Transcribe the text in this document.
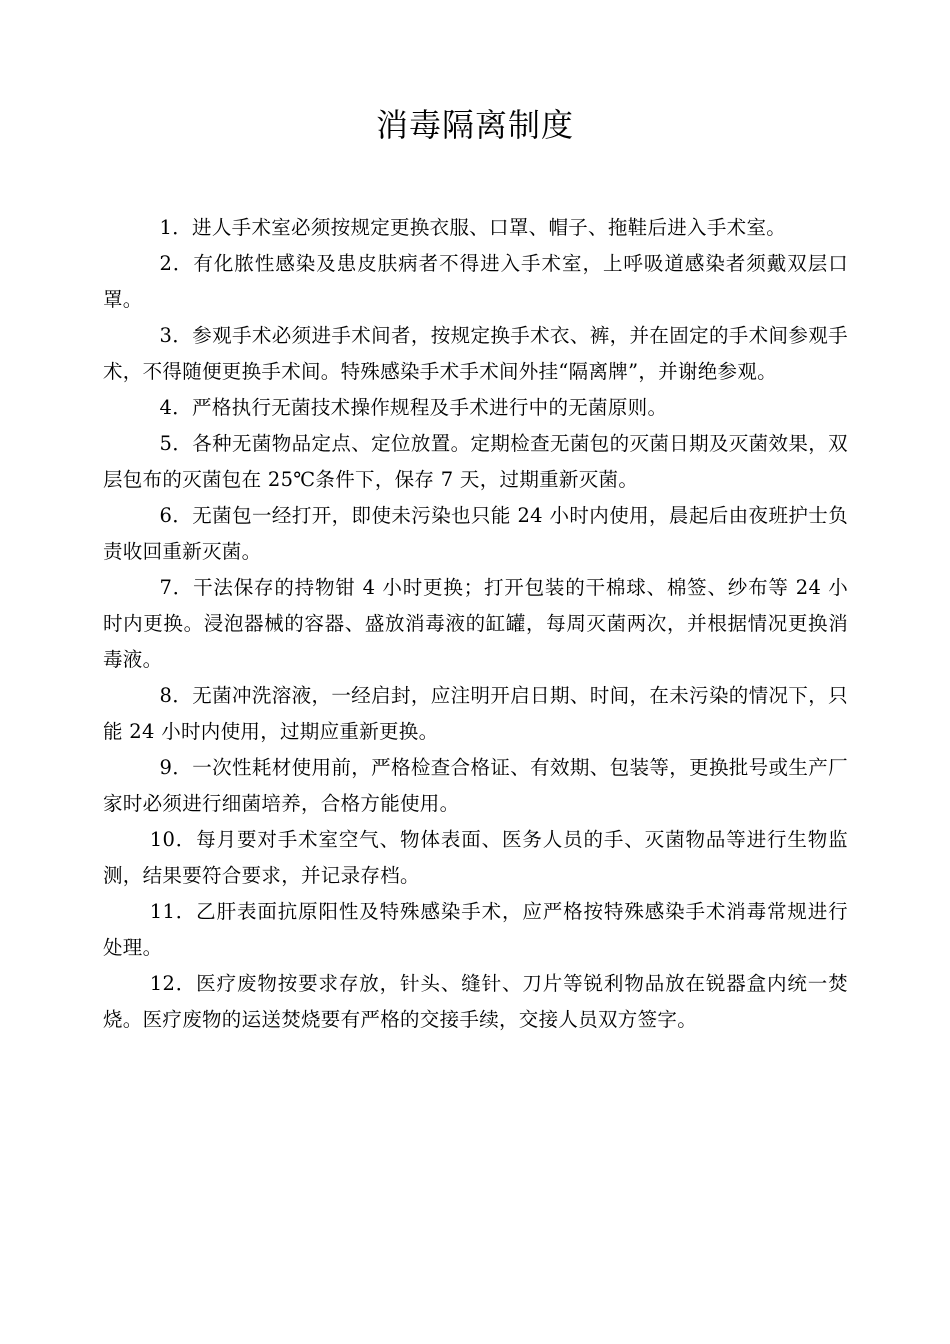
消毒隔离制度

1．进人手术室必须按规定更换衣服、口罩、帽子、拖鞋后进入手术室。

2．有化脓性感染及患皮肤病者不得进入手术室，上呼吸道感染者须戴双层口罩。

3．参观手术必须进手术间者，按规定换手术衣、裤，并在固定的手术间参观手术，不得随便更换手术间。特殊感染手术手术间外挂“隔离牌”，并谢绝参观。

4．严格执行无菌技术操作规程及手术进行中的无菌原则。

5．各种无菌物品定点、定位放置。定期检查无菌包的灭菌日期及灭菌效果，双层包布的灭菌包在 25℃条件下，保存 7 天，过期重新灭菌。

6．无菌包一经打开，即使未污染也只能 24 小时内使用，晨起后由夜班护士负责收回重新灭菌。

7．干法保存的持物钳 4 小时更换；打开包装的干棉球、棉签、纱布等 24 小时内更换。浸泡器械的容器、盛放消毒液的缸罐，每周灭菌两次，并根据情况更换消毒液。

8．无菌冲洗溶液，一经启封，应注明开启日期、时间，在未污染的情况下，只能 24 小时内使用，过期应重新更换。

9．一次性耗材使用前，严格检查合格证、有效期、包装等，更换批号或生产厂家时必须进行细菌培养，合格方能使用。

10．每月要对手术室空气、物体表面、医务人员的手、灭菌物品等进行生物监测，结果要符合要求，并记录存档。

11．乙肝表面抗原阳性及特殊感染手术，应严格按特殊感染手术消毒常规进行处理。

12．医疗废物按要求存放，针头、缝针、刀片等锐利物品放在锐器盒内统一焚烧。医疗废物的运送焚烧要有严格的交接手续，交接人员双方签字。
